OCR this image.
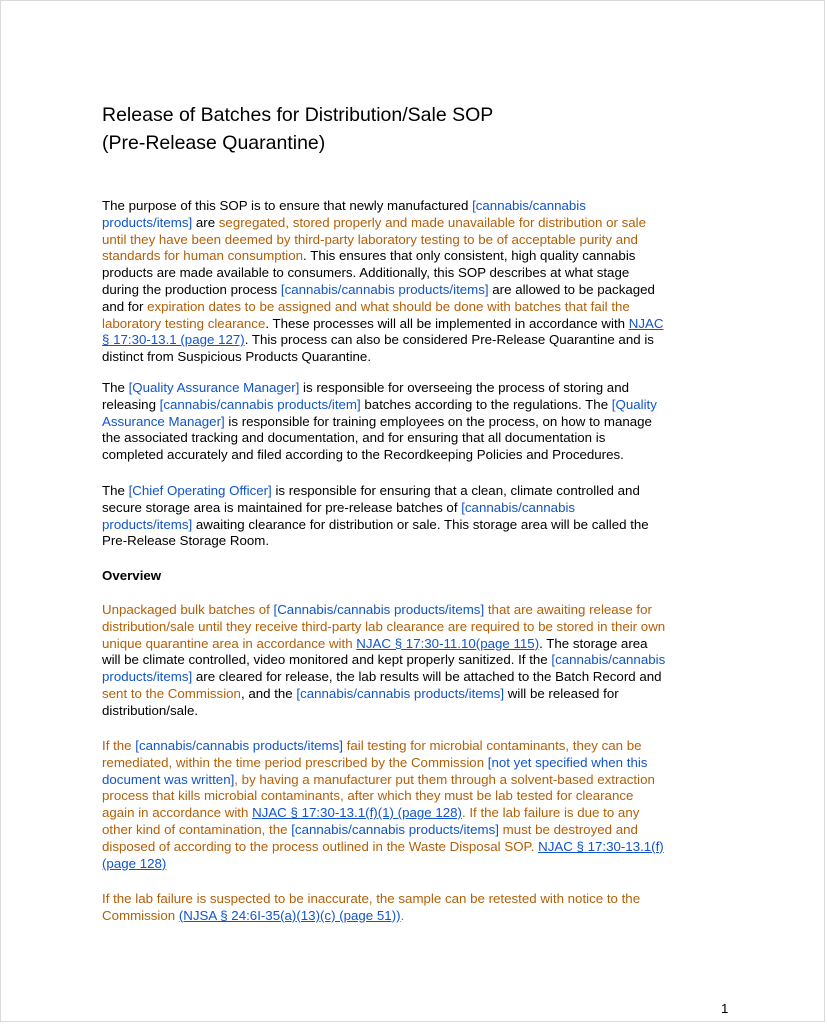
Release of Batches for Distribution/Sale SOP
(Pre-Release Quarantine)
The purpose of this SOP is to ensure that newly manufactured [cannabis/cannabis
products/items] are segregated, stored properly and made unavailable for distribution or sale
until they have been deemed by third-party laboratory testing to be of acceptable purity and
standards for human consumption. This ensures that only consistent, high quality cannabis
products are made available to consumers. Additionally, this SOP describes at what stage
during the production process [cannabis/cannabis products/items] are allowed to be packaged
and for expiration dates to be assigned and what should be done with batches that fail the
laboratory testing clearance. These processes will all be implemented in accordance with NJAC
§ 17:30-13.1 (page 127). This process can also be considered Pre-Release Quarantine and is
distinct from Suspicious Products Quarantine.
The [Quality Assurance Manager] is responsible for overseeing the process of storing and
releasing [cannabis/cannabis products/item] batches according to the regulations. The [Quality
Assurance Manager] is responsible for training employees on the process, on how to manage
the associated tracking and documentation, and for ensuring that all documentation is
completed accurately and filed according to the Recordkeeping Policies and Procedures.
The [Chief Operating Officer] is responsible for ensuring that a clean, climate controlled and
secure storage area is maintained for pre-release batches of [cannabis/cannabis
products/items] awaiting clearance for distribution or sale. This storage area will be called the
Pre-Release Storage Room.
Overview
Unpackaged bulk batches of [Cannabis/cannabis products/items] that are awaiting release for
distribution/sale until they receive third-party lab clearance are required to be stored in their own
unique quarantine area in accordance with NJAC § 17:30-11.10(page 115). The storage area
will be climate controlled, video monitored and kept properly sanitized. If the [cannabis/cannabis
products/items] are cleared for release, the lab results will be attached to the Batch Record and
sent to the Commission, and the [cannabis/cannabis products/items] will be released for
distribution/sale.
If the [cannabis/cannabis products/items] fail testing for microbial contaminants, they can be
remediated, within the time period prescribed by the Commission [not yet specified when this
document was written], by having a manufacturer put them through a solvent-based extraction
process that kills microbial contaminants, after which they must be lab tested for clearance
again in accordance with NJAC § 17:30-13.1(f)(1) (page 128). If the lab failure is due to any
other kind of contamination, the [cannabis/cannabis products/items] must be destroyed and
disposed of according to the process outlined in the Waste Disposal SOP. NJAC § 17:30-13.1(f)
(page 128)
If the lab failure is suspected to be inaccurate, the sample can be retested with notice to the
Commission (NJSA § 24:6I-35(a)(13)(c) (page 51)).
1
